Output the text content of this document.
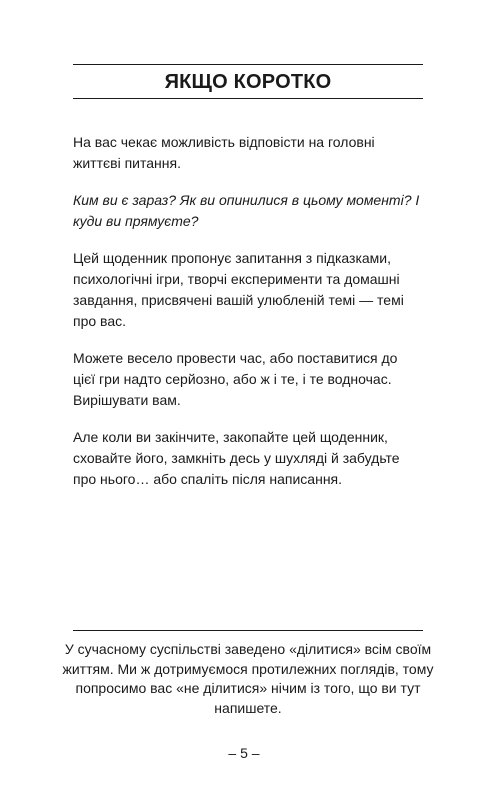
ЯКЩО КОРОТКО

На вас чекає можливість відповісти на головні життєві питання.

Ким ви є зараз? Як ви опинилися в цьому моменті? І куди ви прямуєте?

Цей щоденник пропонує запитання з підказками, психологічні ігри, творчі експерименти та домашні завдання, присвячені вашій улюбленій темі — темі про вас.

Можете весело провести час, або поставитися до цієї гри надто серйозно, або ж і те, і те водночас. Вирішувати вам.

Але коли ви закінчите, закопайте цей щоденник, сховайте його, замкніть десь у шухляді й забудьте про нього… або спаліть після написання.

У сучасному суспільстві заведено «ділитися» всім своїм життям. Ми ж дотримуємося протилежних поглядів, тому попросимо вас «не ділитися» нічим із того, що ви тут напишете.

– 5 –
